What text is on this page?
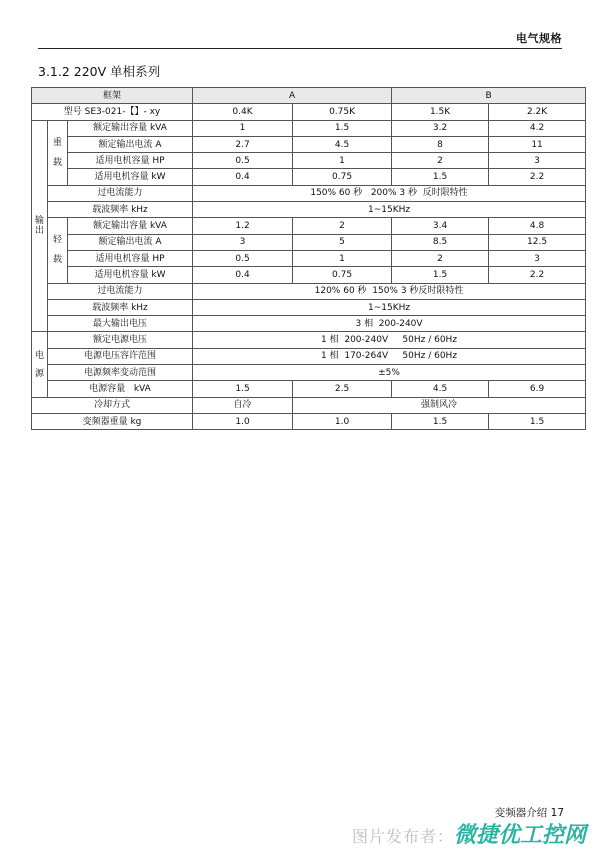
电气规格
3.1.2 220V 单相系列
框架			A		B	
型号 SE3-021-【】- xy			0.4K	0.75K	1.5K	2.2K

输出	重载	额定输出容量 kVA	1	1.5	3.2	4.2
		额定输出电流 A	2.7	4.5	8	11
		适用电机容量 HP	0.5	1	2	3
		适用电机容量 kW	0.4	0.75	1.5	2.2
	过电流能力		150% 60 秒   200% 3 秒  反时限特性			
	载波频率 kHz		1~15KHz			

	轻载	额定输出容量 kVA	1.2	2	3.4	4.8
		额定输出电流 A	3	5	8.5	12.5
		适用电机容量 HP	0.5	1	2	3
		适用电机容量 kW	0.4	0.75	1.5	2.2
	过电流能力		120% 60 秒  150% 3 秒反时限特性			
	载波频率 kHz		1~15KHz			
	最大输出电压		3 相  200-240V			

电源	额定电源电压		1 相  200-240V     50Hz / 60Hz			
	电源电压容许范围		1 相  170-264V     50Hz / 60Hz			
	电源频率变动范围		±5%			
	电源容量   kVA		1.5	2.5	4.5	6.9
冷却方式			自冷	强制风冷		
变频器重量 kg			1.0	1.0	1.5	1.5
变频器介绍 17
图片发布者：微捷优工控网
